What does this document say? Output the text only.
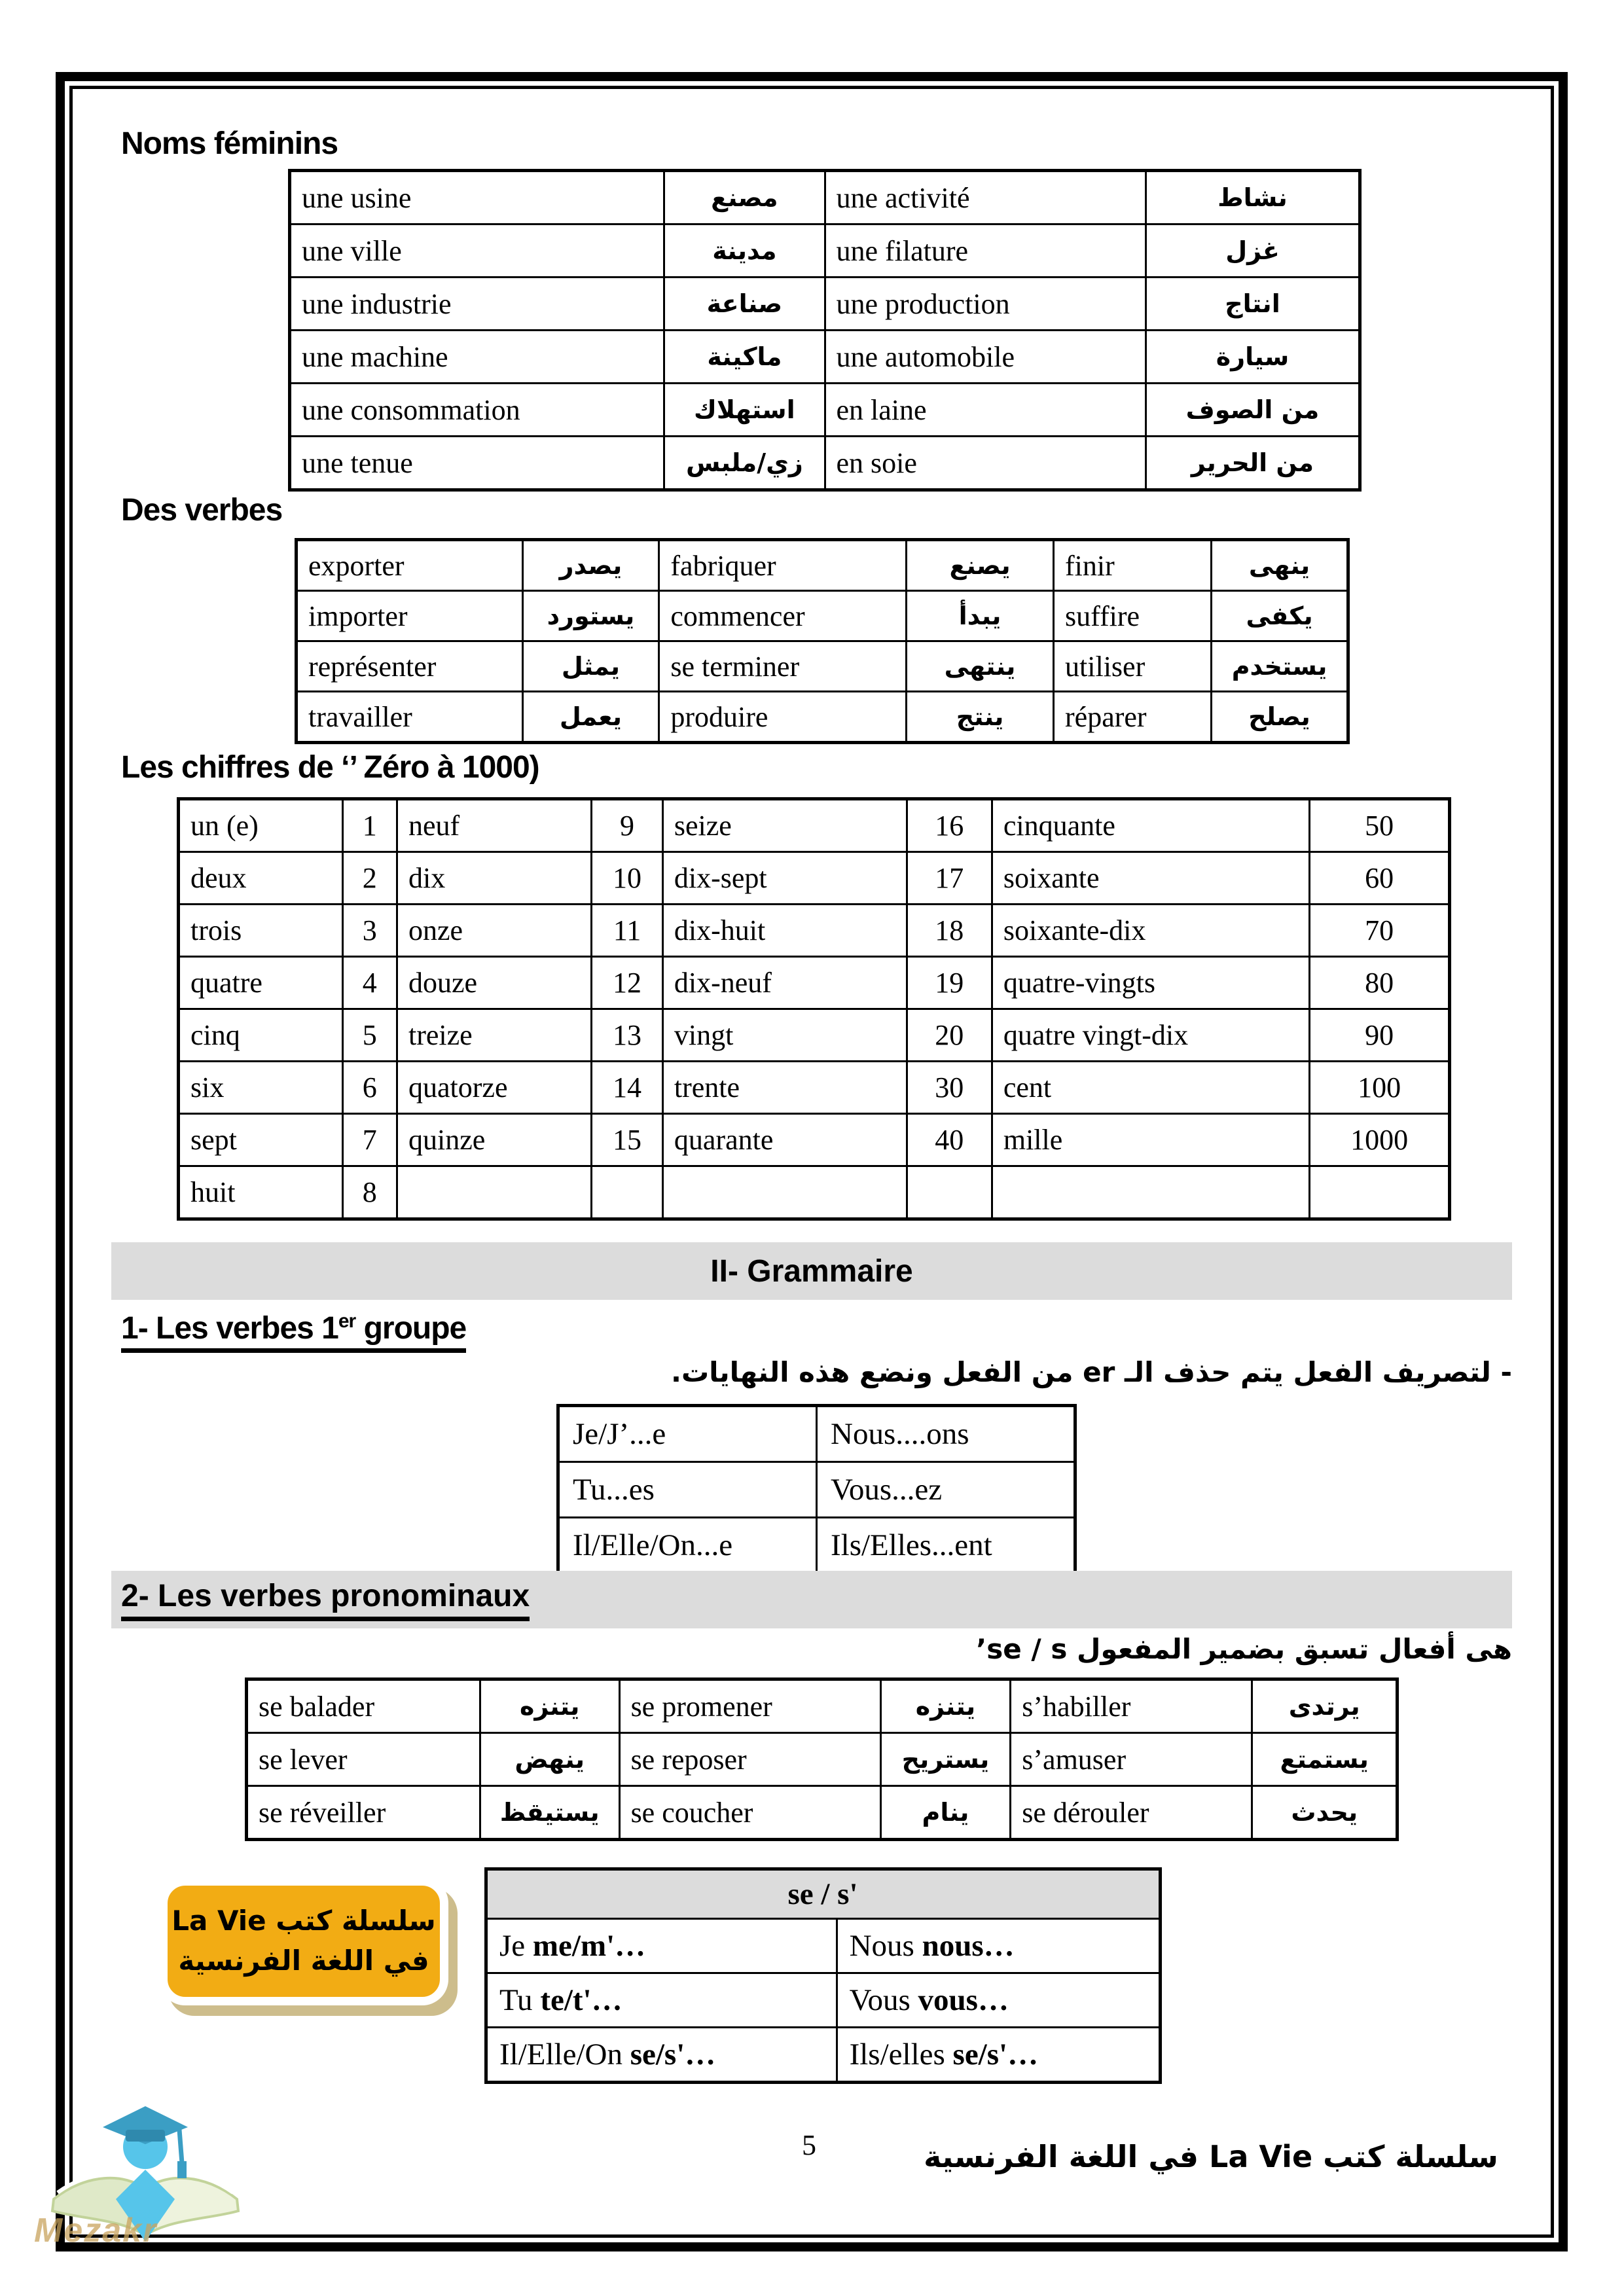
Noms féminins
une usine	مصنع	une activité	نشاط
une ville	مدينة	une filature	غزل
une industrie	صناعة	une production	انتاج
une machine	ماكينة	une automobile	سيارة
une consommation	استهلاك	en laine	من الصوف
une tenue	زي/ملبس	en soie	من الحرير
Des verbes
exporter	يصدر	fabriquer	يصنع	finir	ينهى
importer	يستورد	commencer	يبدأ	suffire	يكفى
représenter	يمثل	se terminer	ينتهى	utiliser	يستخدم
travailler	يعمل	produire	ينتج	réparer	يصلح
Les chiffres de ‘’ Zéro à 1000)
un (e)	1	neuf	9	seize	16	cinquante	50
deux	2	dix	10	dix-sept	17	soixante	60
trois	3	onze	11	dix-huit	18	soixante-dix	70
quatre	4	douze	12	dix-neuf	19	quatre-vingts	80
cinq	5	treize	13	vingt	20	quatre vingt-dix	90
six	6	quatorze	14	trente	30	cent	100
sept	7	quinze	15	quarante	40	mille	1000
huit	8						
II- Grammaire
1- Les verbes 1er groupe
- لتصريف الفعل يتم حذف الـ er من الفعل ونضع هذه النهايات.
Je/J’...e	Nous....ons
Tu...es	Vous...ez
Il/Elle/On...e	Ils/Elles...ent
2- Les verbes pronominaux
هى أفعال تسبق بضمير المفعول se / s’
se balader	يتنزه	se promener	يتنزه	s’habiller	يرتدى
se lever	ينهض	se reposer	يستريح	s’amuser	يستمتع
se réveiller	يستيقظ	se coucher	ينام	se dérouler	يحدث
سلسلة كتب La Vie
في اللغة الفرنسية
se / s'	
Je me/m'…	Nous nous…
Tu te/t'…	Vous vous…
Il/Elle/On se/s'…	Ils/elles se/s'…
Mezakr
5	سلسلة كتب La Vie في اللغة الفرنسية
